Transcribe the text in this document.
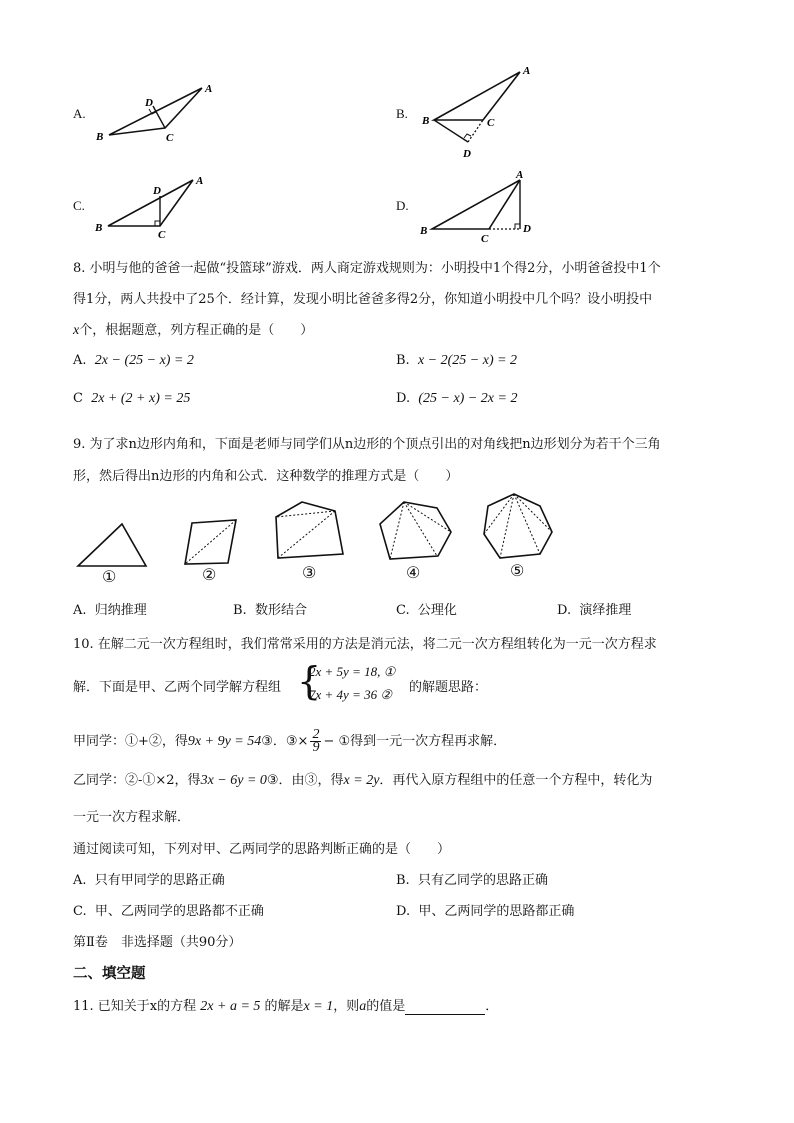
A.
A
B	C
D
B.
A
B	C
D
C.
A
B
C
D
D.
A
B
C
D
8. 小明与他的爸爸一起做“投篮球”游戏．两人商定游戏规则为：小明投中1个得2分，小明爸爸投中1个
得1分，两人共投中了25个．经计算，发现小明比爸爸多得2分，你知道小明投中几个吗？设小明投中
x个，根据题意，列方程正确的是（　　）
A. 2x − (25 − x) = 2	B. x − 2(25 − x) = 2
C 2x + (2 + x) = 25	D. (25 − x) − 2x = 2
9. 为了求n边形内角和，下面是老师与同学们从n边形的个顶点引出的对角线把n边形划分为若干个三角
形，然后得出n边形的内角和公式．这种数学的推理方式是（　　）
①	②	③	④	⑤
A. 归纳推理	B. 数形结合	C. 公理化	D. 演绎推理
10. 在解二元一次方程组时，我们常常采用的方法是消元法，将二元一次方程组转化为一元一次方程求
解．下面是甲、乙两个同学解方程组 {
2x + 5y = 18, ①
7x + 4y = 36 ② 的解题思路：
甲同学：①+②，得9x + 9y = 54③．③× $\frac{2}{9}$ − ①得到一元一次方程再求解．
乙同学：②-①×2，得3x − 6y = 0③．由③，得x = 2y．再代入原方程组中的任意一个方程中，转化为
一元一次方程求解．
通过阅读可知，下列对甲、乙两同学的思路判断正确的是（　　）
A. 只有甲同学的思路正确	B. 只有乙同学的思路正确
C. 甲、乙两同学的思路都不正确	D. 甲、乙两同学的思路都正确
第Ⅱ卷　非选择题（共90分）
二、填空题
11. 已知关于x的方程 2x + a = 5 的解是x = 1，则a的值是	．
